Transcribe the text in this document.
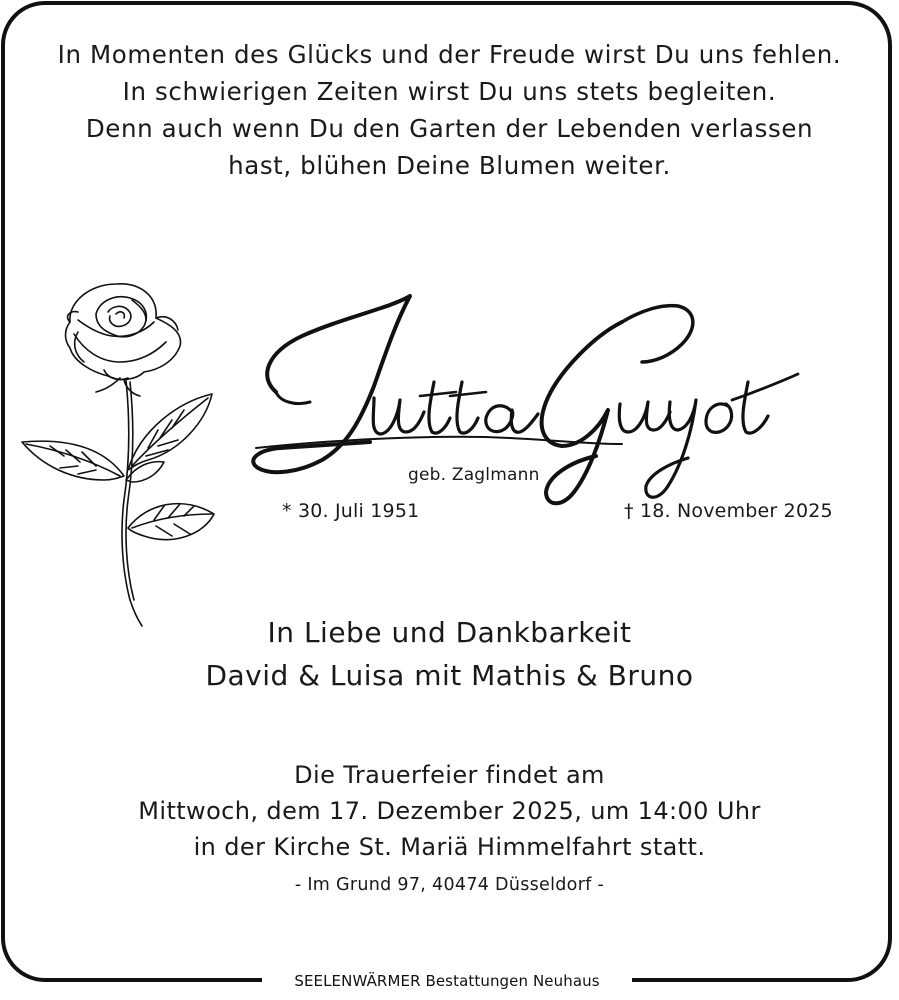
SEELENWÄRMER Bestattungen Neuhaus
In Momenten des Glücks und der Freude wirst Du uns fehlen.
In schwierigen Zeiten wirst Du uns stets begleiten.
Denn auch wenn Du den Garten der Lebenden verlassen
hast, blühen Deine Blumen weiter.
geb. Zaglmann
* 30. Juli 1951	† 18. November 2025
In Liebe und Dankbarkeit
David & Luisa mit Mathis & Bruno
Die Trauerfeier findet am
Mittwoch, dem 17. Dezember 2025, um 14:00 Uhr
in der Kirche St. Mariä Himmelfahrt statt.
- Im Grund 97, 40474 Düsseldorf -
